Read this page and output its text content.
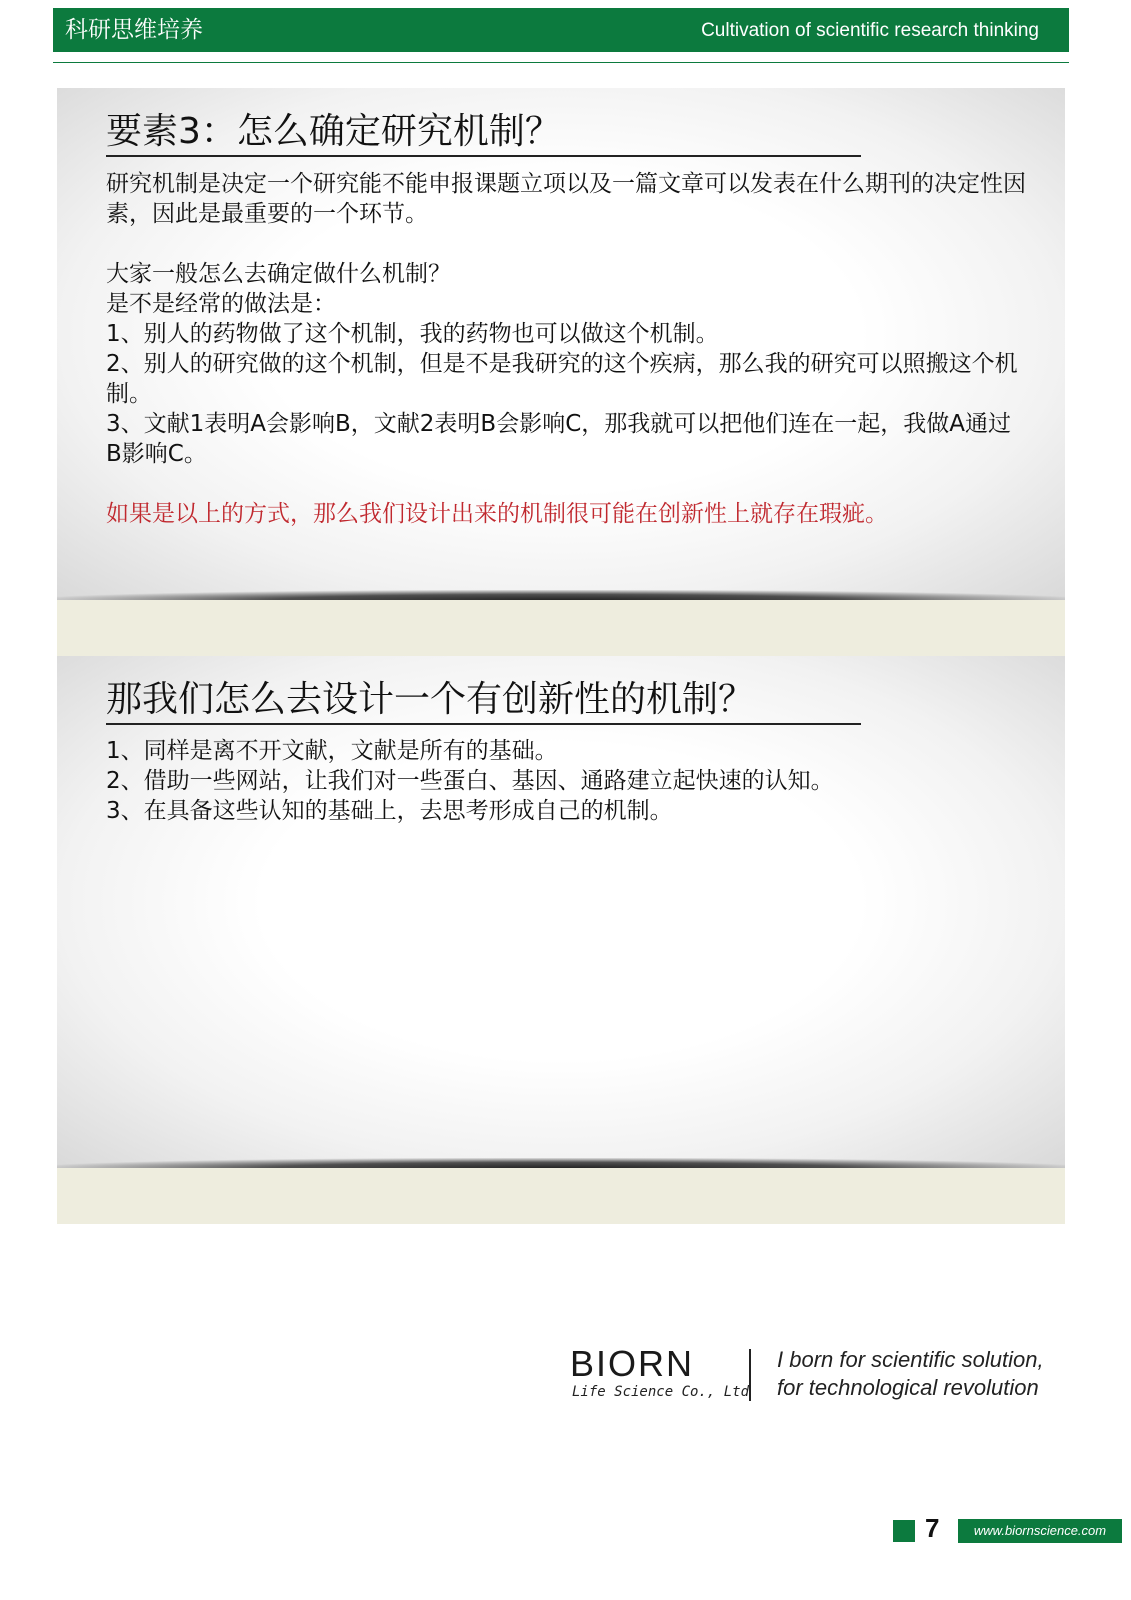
科研思维培养	Cultivation of scientific research thinking
要素3：怎么确定研究机制？

研究机制是决定一个研究能不能申报课题立项以及一篇文章可以发表在什么期刊的决定性因素，因此是最重要的一个环节。

大家一般怎么去确定做什么机制？

是不是经常的做法是：

1、别人的药物做了这个机制，我的药物也可以做这个机制。

2、别人的研究做的这个机制，但是不是我研究的这个疾病，那么我的研究可以照搬这个机制。

3、文献1表明A会影响B，文献2表明B会影响C，那我就可以把他们连在一起，我做A通过B影响C。

如果是以上的方式，那么我们设计出来的机制很可能在创新性上就存在瑕疵。

那我们怎么去设计一个有创新性的机制？

1、同样是离不开文献，文献是所有的基础。

2、借助一些网站，让我们对一些蛋白、基因、通路建立起快速的认知。

3、在具备这些认知的基础上，去思考形成自己的机制。

BIORN
Life Science Co., Ltd
I born for scientific solution,
for technological revolution
7	www.biornscience.com
